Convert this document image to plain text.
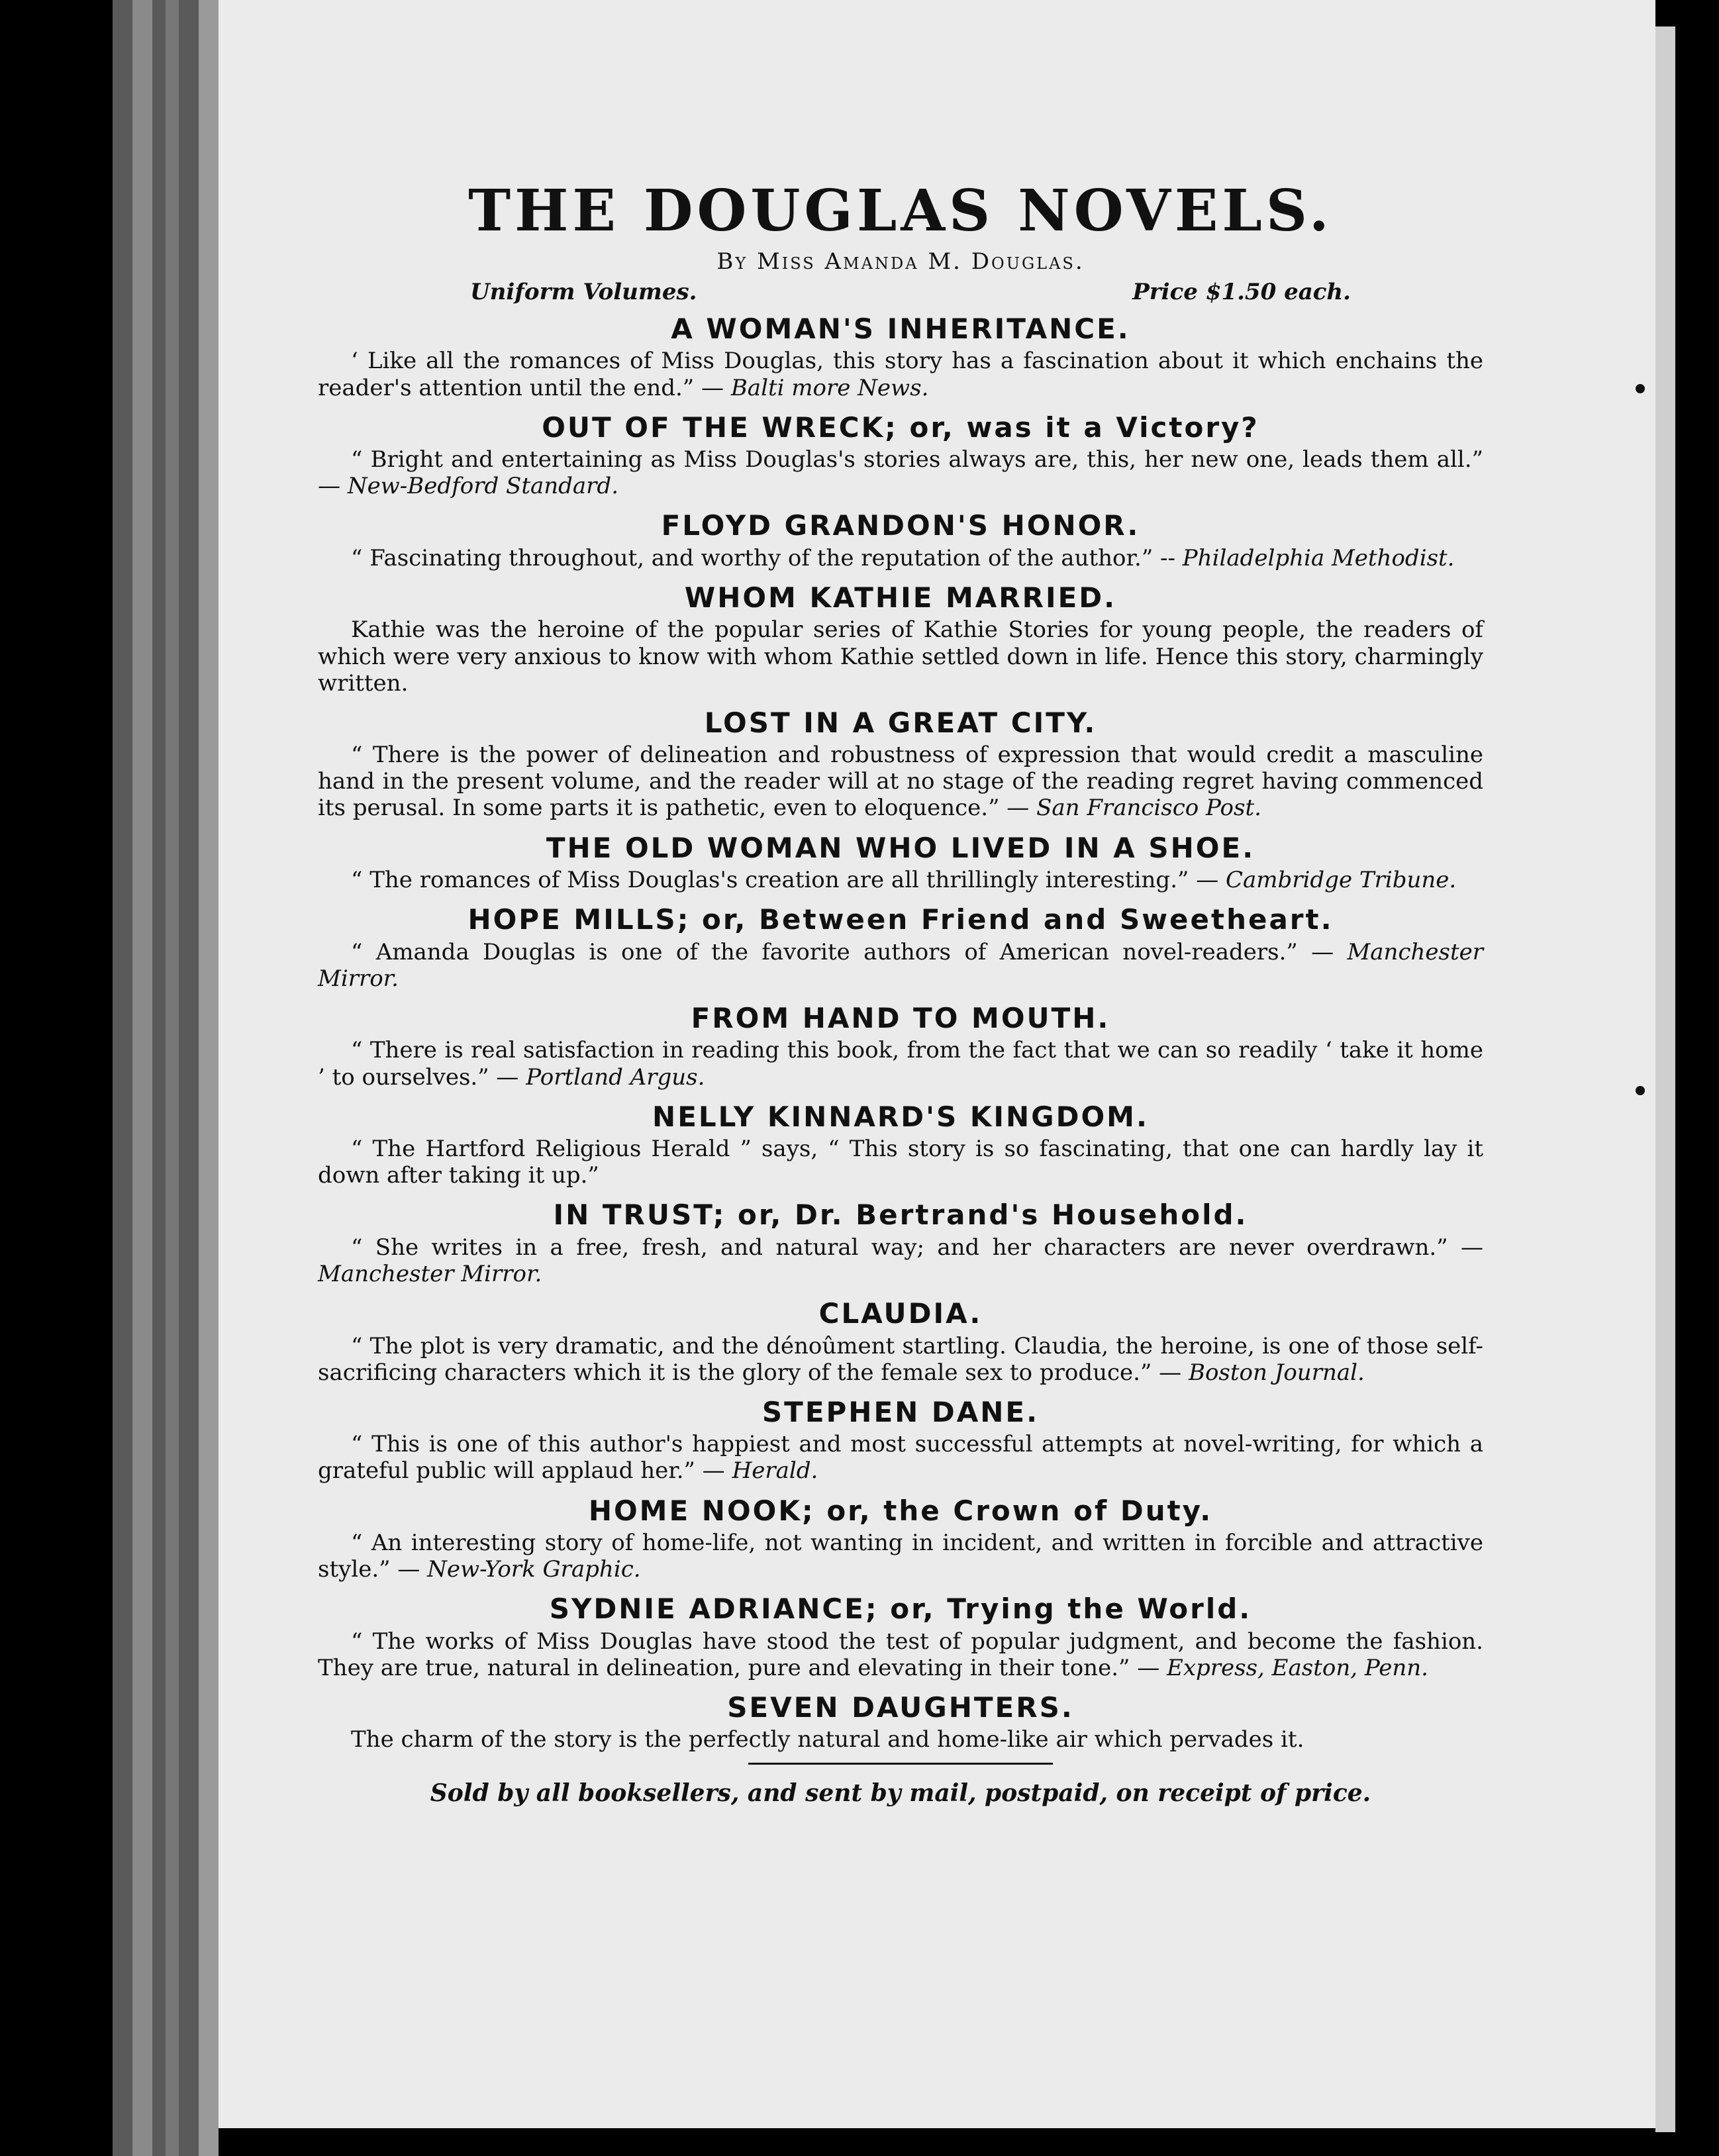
THE DOUGLAS NOVELS.
By Miss Amanda M. Douglas.
Uniform Volumes.	Price $1.50 each.
A WOMAN'S INHERITANCE.
‘ Like all the romances of Miss Douglas, this story has a fascination about it which enchains the reader's attention until the end.” — Balti more News.
OUT OF THE WRECK; or, was it a Victory?
“ Bright and entertaining as Miss Douglas's stories always are, this, her new one, leads them all.” — New-Bedford Standard.
FLOYD GRANDON'S HONOR.
“ Fascinating throughout, and worthy of the reputation of the author.” -- Philadelphia Methodist.
WHOM KATHIE MARRIED.
Kathie was the heroine of the popular series of Kathie Stories for young people, the readers of which were very anxious to know with whom Kathie settled down in life. Hence this story, charmingly written.
LOST IN A GREAT CITY.
“ There is the power of delineation and robustness of expression that would credit a masculine hand in the present volume, and the reader will at no stage of the reading regret having commenced its perusal. In some parts it is pathetic, even to eloquence.” — San Francisco Post.
THE OLD WOMAN WHO LIVED IN A SHOE.
“ The romances of Miss Douglas's creation are all thrillingly interesting.” — Cambridge Tribune.
HOPE MILLS; or, Between Friend and Sweetheart.
“ Amanda Douglas is one of the favorite authors of American novel-readers.” — Manchester Mirror.
FROM HAND TO MOUTH.
“ There is real satisfaction in reading this book, from the fact that we can so readily ‘ take it home ’ to ourselves.” — Portland Argus.
NELLY KINNARD'S KINGDOM.
“ The Hartford Religious Herald ” says, “ This story is so fascinating, that one can hardly lay it down after taking it up.”
IN TRUST; or, Dr. Bertrand's Household.
“ She writes in a free, fresh, and natural way; and her characters are never overdrawn.” — Manchester Mirror.
CLAUDIA.
“ The plot is very dramatic, and the dénoûment startling. Claudia, the heroine, is one of those self-sacrificing characters which it is the glory of the female sex to produce.” — Boston Journal.
STEPHEN DANE.
“ This is one of this author's happiest and most successful attempts at novel-writing, for which a grateful public will applaud her.” — Herald.
HOME NOOK; or, the Crown of Duty.
“ An interesting story of home-life, not wanting in incident, and written in forcible and attractive style.” — New-York Graphic.
SYDNIE ADRIANCE; or, Trying the World.
“ The works of Miss Douglas have stood the test of popular judgment, and become the fashion. They are true, natural in delineation, pure and elevating in their tone.” — Express, Easton, Penn.
SEVEN DAUGHTERS.
The charm of the story is the perfectly natural and home-like air which pervades it.
Sold by all booksellers, and sent by mail, postpaid, on receipt of price.
